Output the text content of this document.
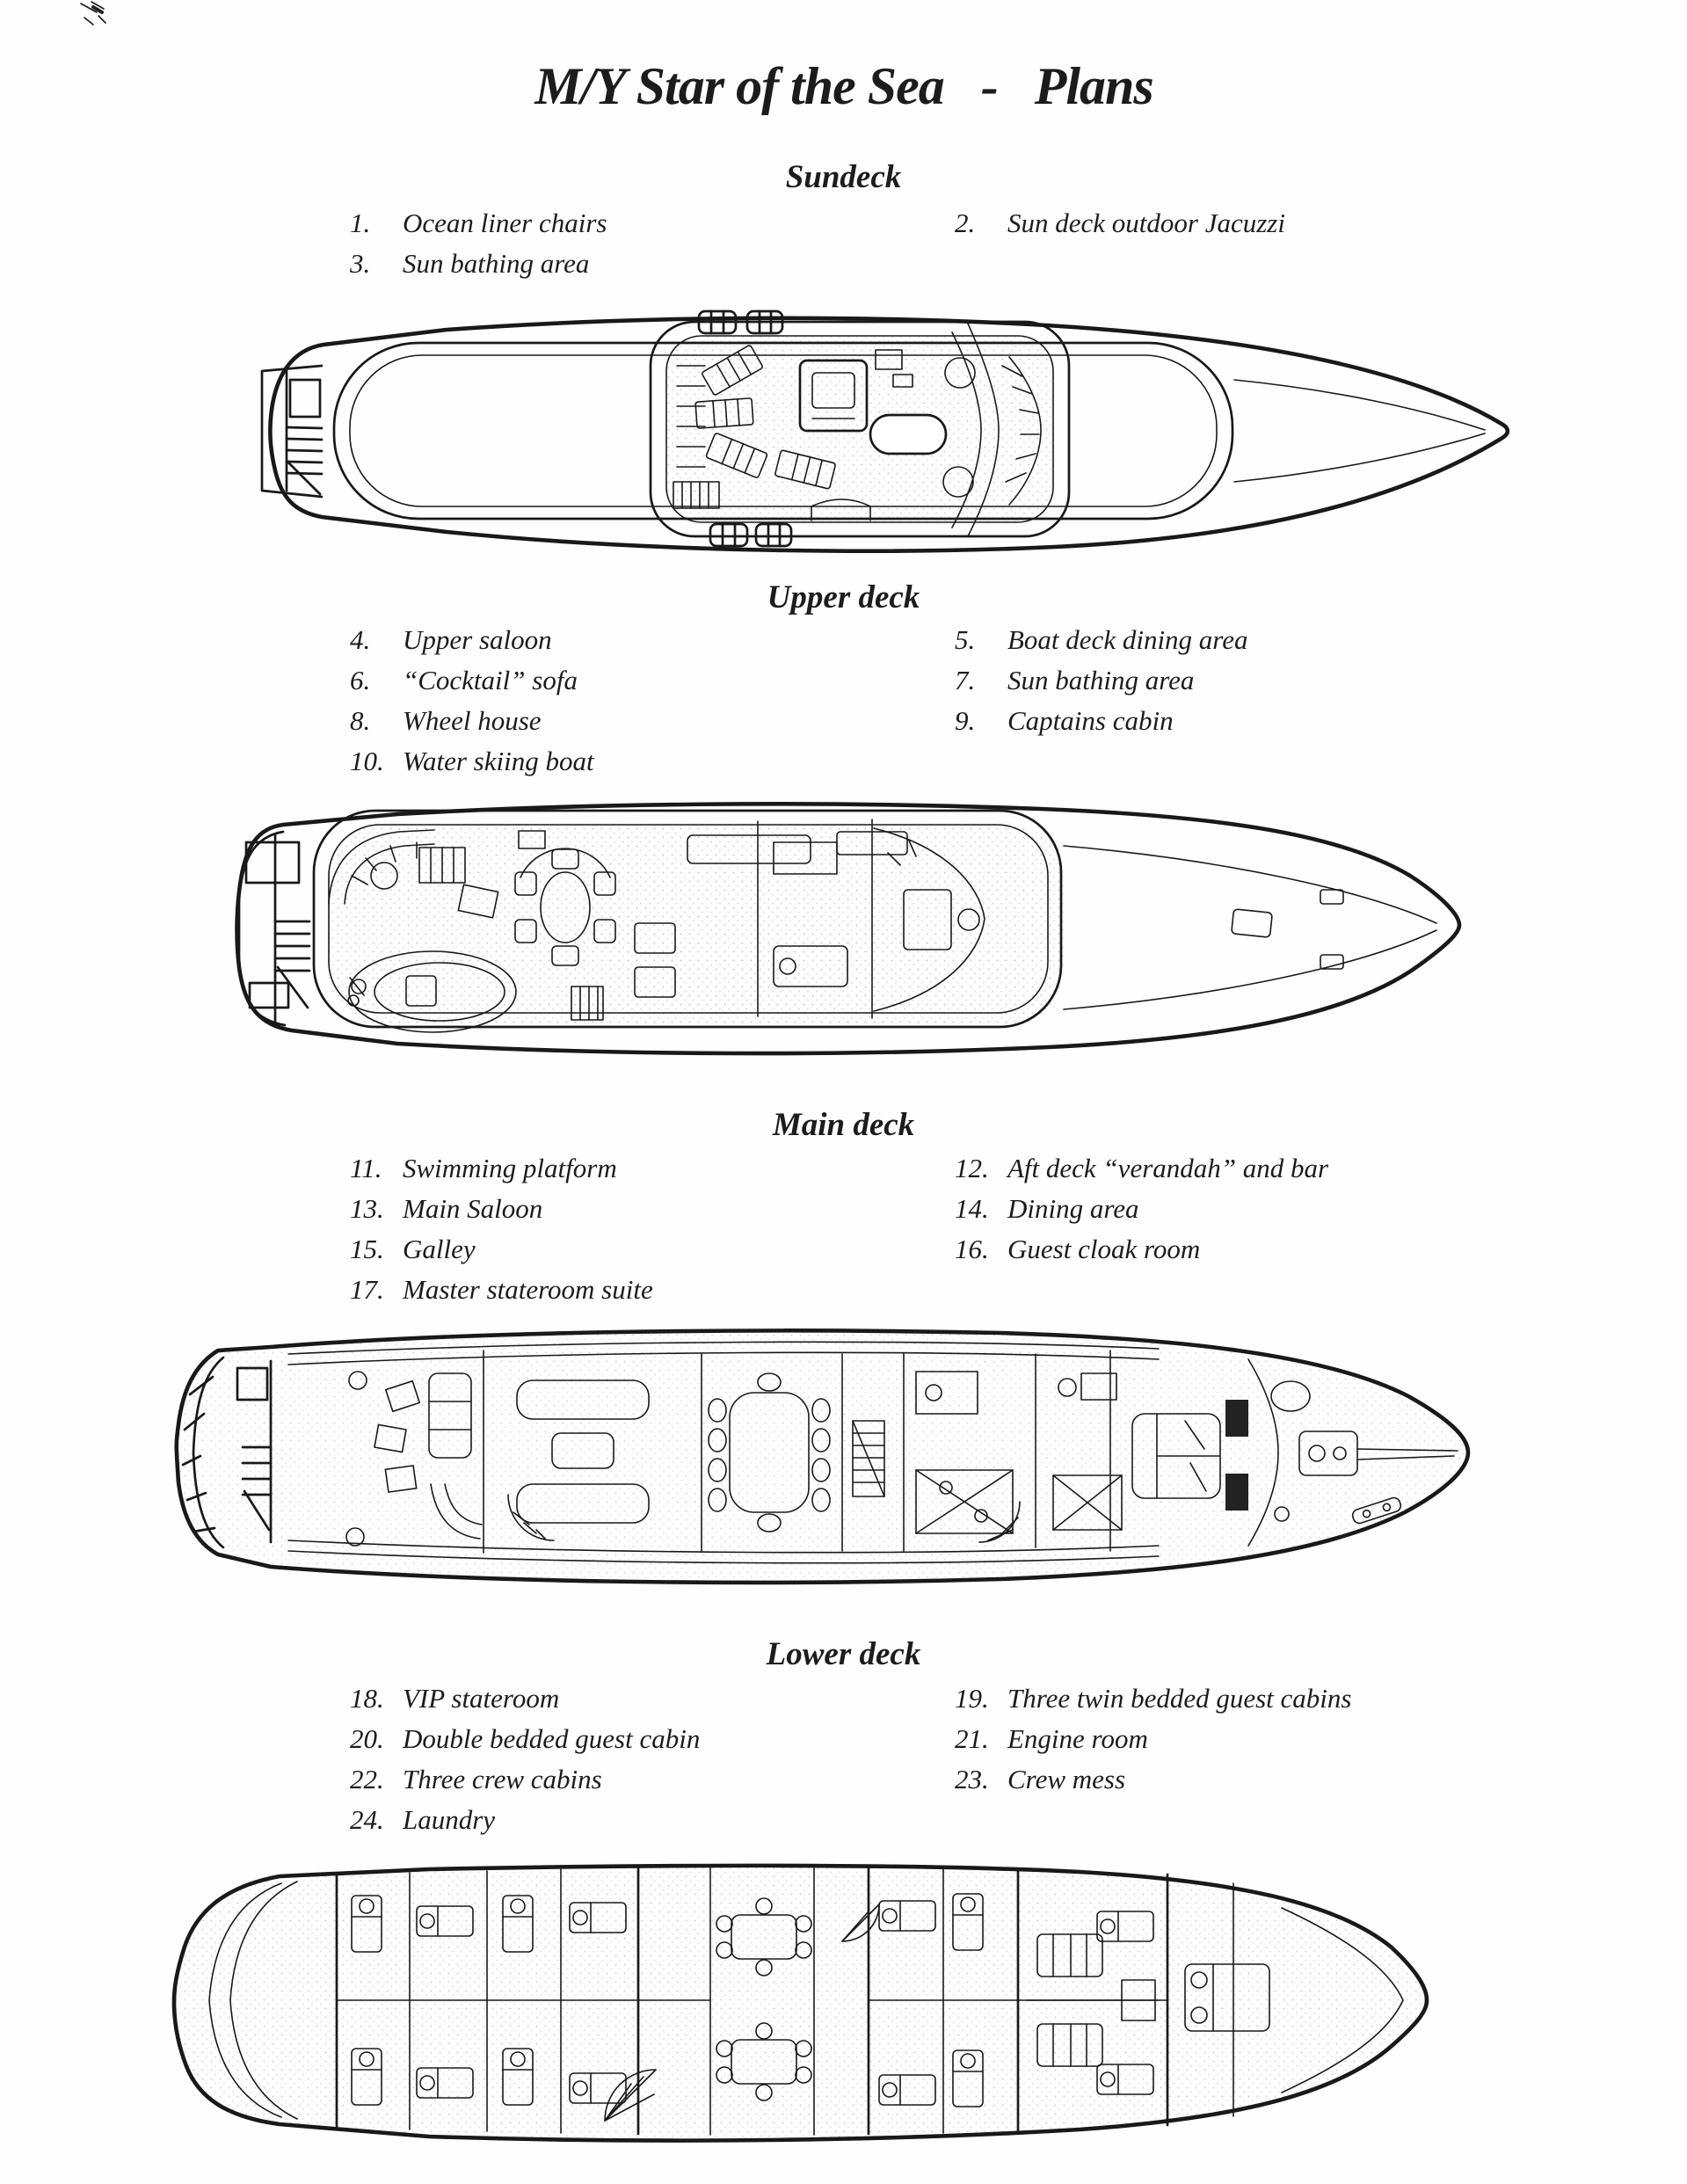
M/Y Star of the Sea   -   Plans
Sundeck
1. Ocean liner chairs
3. Sun bathing area
2. Sun deck outdoor Jacuzzi
Upper deck
4. Upper saloon
6. “Cocktail” sofa
8. Wheel house
10. Water skiing boat
5. Boat deck dining area
7. Sun bathing area
9. Captains cabin
Main deck
11. Swimming platform
13. Main Saloon
15. Galley
17. Master stateroom suite
12. Aft deck “verandah” and bar
14. Dining area
16. Guest cloak room
Lower deck
18. VIP stateroom
20. Double bedded guest cabin
22. Three crew cabins
24. Laundry
19. Three twin bedded guest cabins
21. Engine room
23. Crew mess
